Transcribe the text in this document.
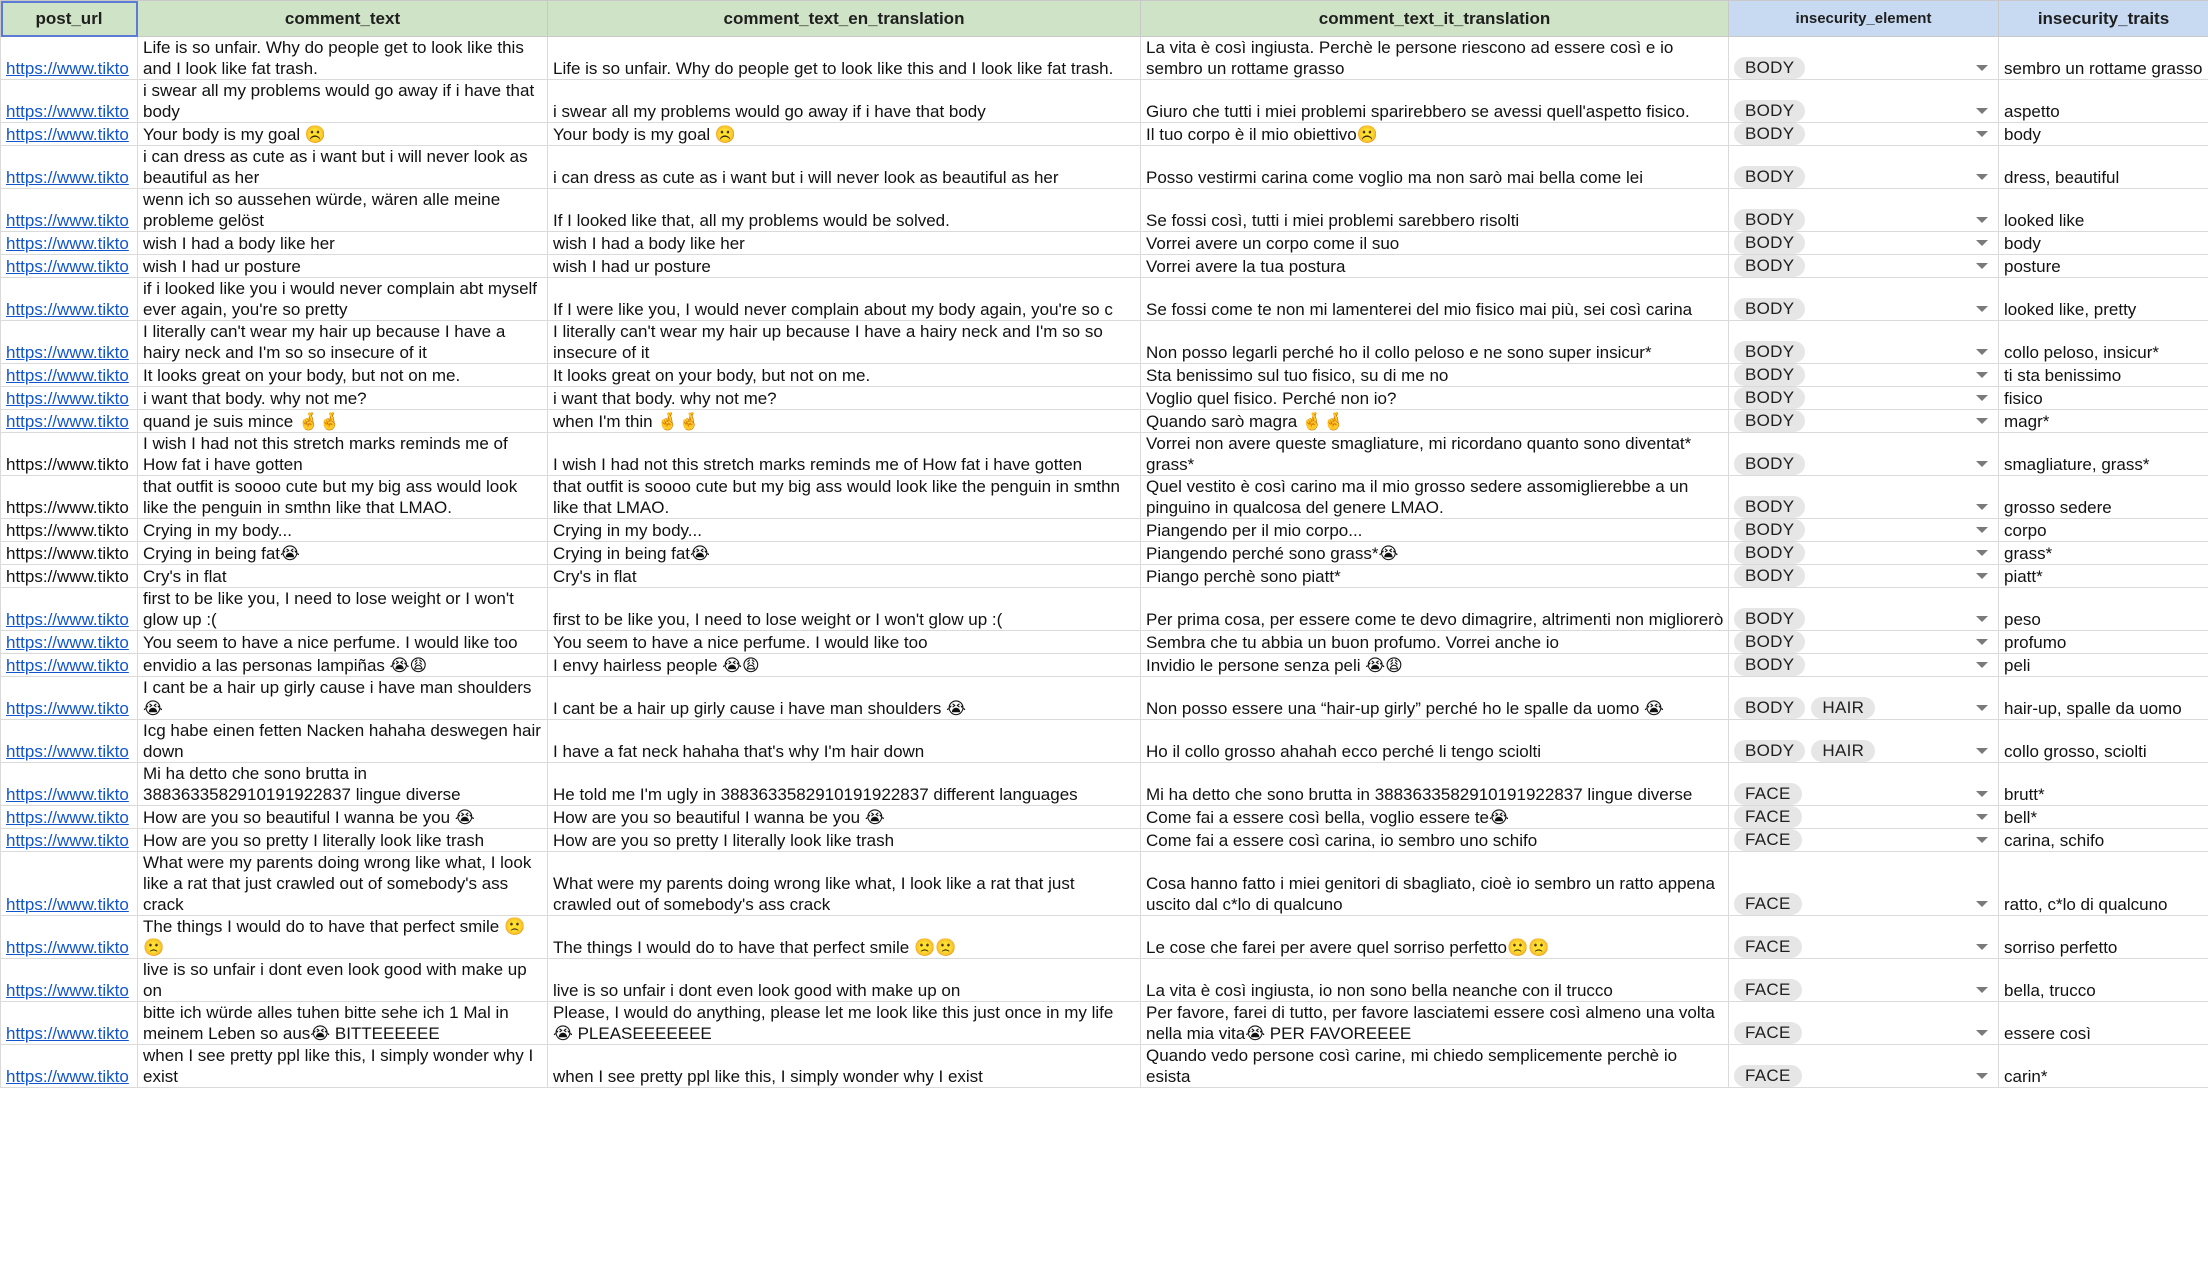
post_url	comment_text	comment_text_en_translation	comment_text_it_translation	insecurity_element	insecurity_traits
https://www.tikto	Life is so unfair. Why do people get to look like this and I look like fat trash.	Life is so unfair. Why do people get to look like this and I look like fat trash.	La vita è così ingiusta. Perchè le persone riescono ad essere così e io sembro un rottame grasso	BODY	sembro un rottame grasso
https://www.tikto	i swear all my problems would go away if i have that body	i swear all my problems would go away if i have that body	Giuro che tutti i miei problemi sparirebbero se avessi quell'aspetto fisico.	BODY	aspetto
https://www.tikto	Your body is my goal ☹️	Your body is my goal ☹️	Il tuo corpo è il mio obiettivo☹️	BODY	body
https://www.tikto	i can dress as cute as i want but i will never look as beautiful as her	i can dress as cute as i want but i will never look as beautiful as her	Posso vestirmi carina come voglio ma non sarò mai bella come lei	BODY	dress, beautiful
https://www.tikto	wenn ich so aussehen würde, wären alle meine probleme gelöst	If I looked like that, all my problems would be solved.	Se fossi così, tutti i miei problemi sarebbero risolti	BODY	looked like
https://www.tikto	wish I had a body like her	wish I had a body like her	Vorrei avere un corpo come il suo	BODY	body
https://www.tikto	wish I had ur posture	wish I had ur posture	Vorrei avere la tua postura	BODY	posture
https://www.tikto	if i looked like you i would never complain abt myself ever again, you're so pretty	If I were like you, I would never complain about my body again, you're so c	Se fossi come te non mi lamenterei del mio fisico mai più, sei così carina	BODY	looked like, pretty
https://www.tikto	I literally can't wear my hair up because I have a hairy neck and I'm so so insecure of it	I literally can't wear my hair up because I have a hairy neck and I'm so so insecure of it	Non posso legarli perché ho il collo peloso e ne sono super insicur*	BODY	collo peloso, insicur*
https://www.tikto	It looks great on your body, but not on me.	It looks great on your body, but not on me.	Sta benissimo sul tuo fisico, su di me no	BODY	ti sta benissimo
https://www.tikto	i want that body. why not me?	i want that body. why not me?	Voglio quel fisico. Perché non io?	BODY	fisico
https://www.tikto	quand je suis mince 🤞🤞	when I'm thin 🤞🤞	Quando sarò magra 🤞🤞	BODY	magr*
https://www.tikto	I wish I had not this stretch marks reminds me of How fat i have gotten	I wish I had not this stretch marks reminds me of How fat i have gotten	Vorrei non avere queste smagliature, mi ricordano quanto sono diventat* grass*	BODY	smagliature, grass*
https://www.tikto	that outfit is soooo cute but my big ass would look like the penguin in smthn like that LMAO.	that outfit is soooo cute but my big ass would look like the penguin in smthn like that LMAO.	Quel vestito è così carino ma il mio grosso sedere assomiglierebbe a un pinguino in qualcosa del genere LMAO.	BODY	grosso sedere
https://www.tikto	Crying in my body...	Crying in my body...	Piangendo per il mio corpo...	BODY	corpo
https://www.tikto	Crying in being fat😭	Crying in being fat😭	Piangendo perché sono grass*😭	BODY	grass*
https://www.tikto	Cry's in flat	Cry's in flat	Piango perchè sono piatt*	BODY	piatt*
https://www.tikto	first to be like you, I need to lose weight or I won't glow up :(	first to be like you, I need to lose weight or I won't glow up :(	Per prima cosa, per essere come te devo dimagrire, altrimenti non migliorerò	BODY	peso
https://www.tikto	You seem to have a nice perfume. I would like too	You seem to have a nice perfume. I would like too	Sembra che tu abbia un buon profumo. Vorrei anche io	BODY	profumo
https://www.tikto	envidio a las personas lampiñas 😭😩	I envy hairless people 😭😩	Invidio le persone senza peli 😭😩	BODY	peli
https://www.tikto	I cant be a hair up girly cause i have man shoulders 😭	I cant be a hair up girly cause i have man shoulders 😭	Non posso essere una “hair-up girly” perché ho le spalle da uomo 😭	BODY HAIR	hair-up, spalle da uomo
https://www.tikto	Icg habe einen fetten Nacken hahaha deswegen hair down	I have a fat neck hahaha that's why I'm hair down	Ho il collo grosso ahahah ecco perché li tengo sciolti	BODY HAIR	collo grosso, sciolti
https://www.tikto	Mi ha detto che sono brutta in 3883633582910191922837 lingue diverse	He told me I'm ugly in 3883633582910191922837 different languages	Mi ha detto che sono brutta in 3883633582910191922837 lingue diverse	FACE	brutt*
https://www.tikto	How are you so beautiful I wanna be you 😭	How are you so beautiful I wanna be you 😭	Come fai a essere così bella, voglio essere te😭	FACE	bell*
https://www.tikto	How are you so pretty I literally look like trash	How are you so pretty I literally look like trash	Come fai a essere così carina, io sembro uno schifo	FACE	carina, schifo
https://www.tikto	What were my parents doing wrong like what, I look like a rat that just crawled out of somebody's ass crack	What were my parents doing wrong like what, I look like a rat that just crawled out of somebody's ass crack	Cosa hanno fatto i miei genitori di sbagliato, cioè io sembro un ratto appena uscito dal c*lo di qualcuno	FACE	ratto, c*lo di qualcuno
https://www.tikto	The things I would do to have that perfect smile 🙁🙁	The things I would do to have that perfect smile 🙁🙁	Le cose che farei per avere quel sorriso perfetto🙁🙁	FACE	sorriso perfetto
https://www.tikto	live is so unfair i dont even look good with make up on	live is so unfair i dont even look good with make up on	La vita è così ingiusta, io non sono bella neanche con il trucco	FACE	bella, trucco
https://www.tikto	bitte ich würde alles tuhen bitte sehe ich 1 Mal in meinem Leben so aus😭 BITTEEEEEE	Please, I would do anything, please let me look like this just once in my life 😭 PLEASEEEEEEE	Per favore, farei di tutto, per favore lasciatemi essere così almeno una volta nella mia vita😭 PER FAVOREEEE	FACE	essere così
https://www.tikto	when I see pretty ppl like this, I simply wonder why I exist	when I see pretty ppl like this, I simply wonder why I exist	Quando vedo persone così carine, mi chiedo semplicemente perchè io esista	FACE	carin*
